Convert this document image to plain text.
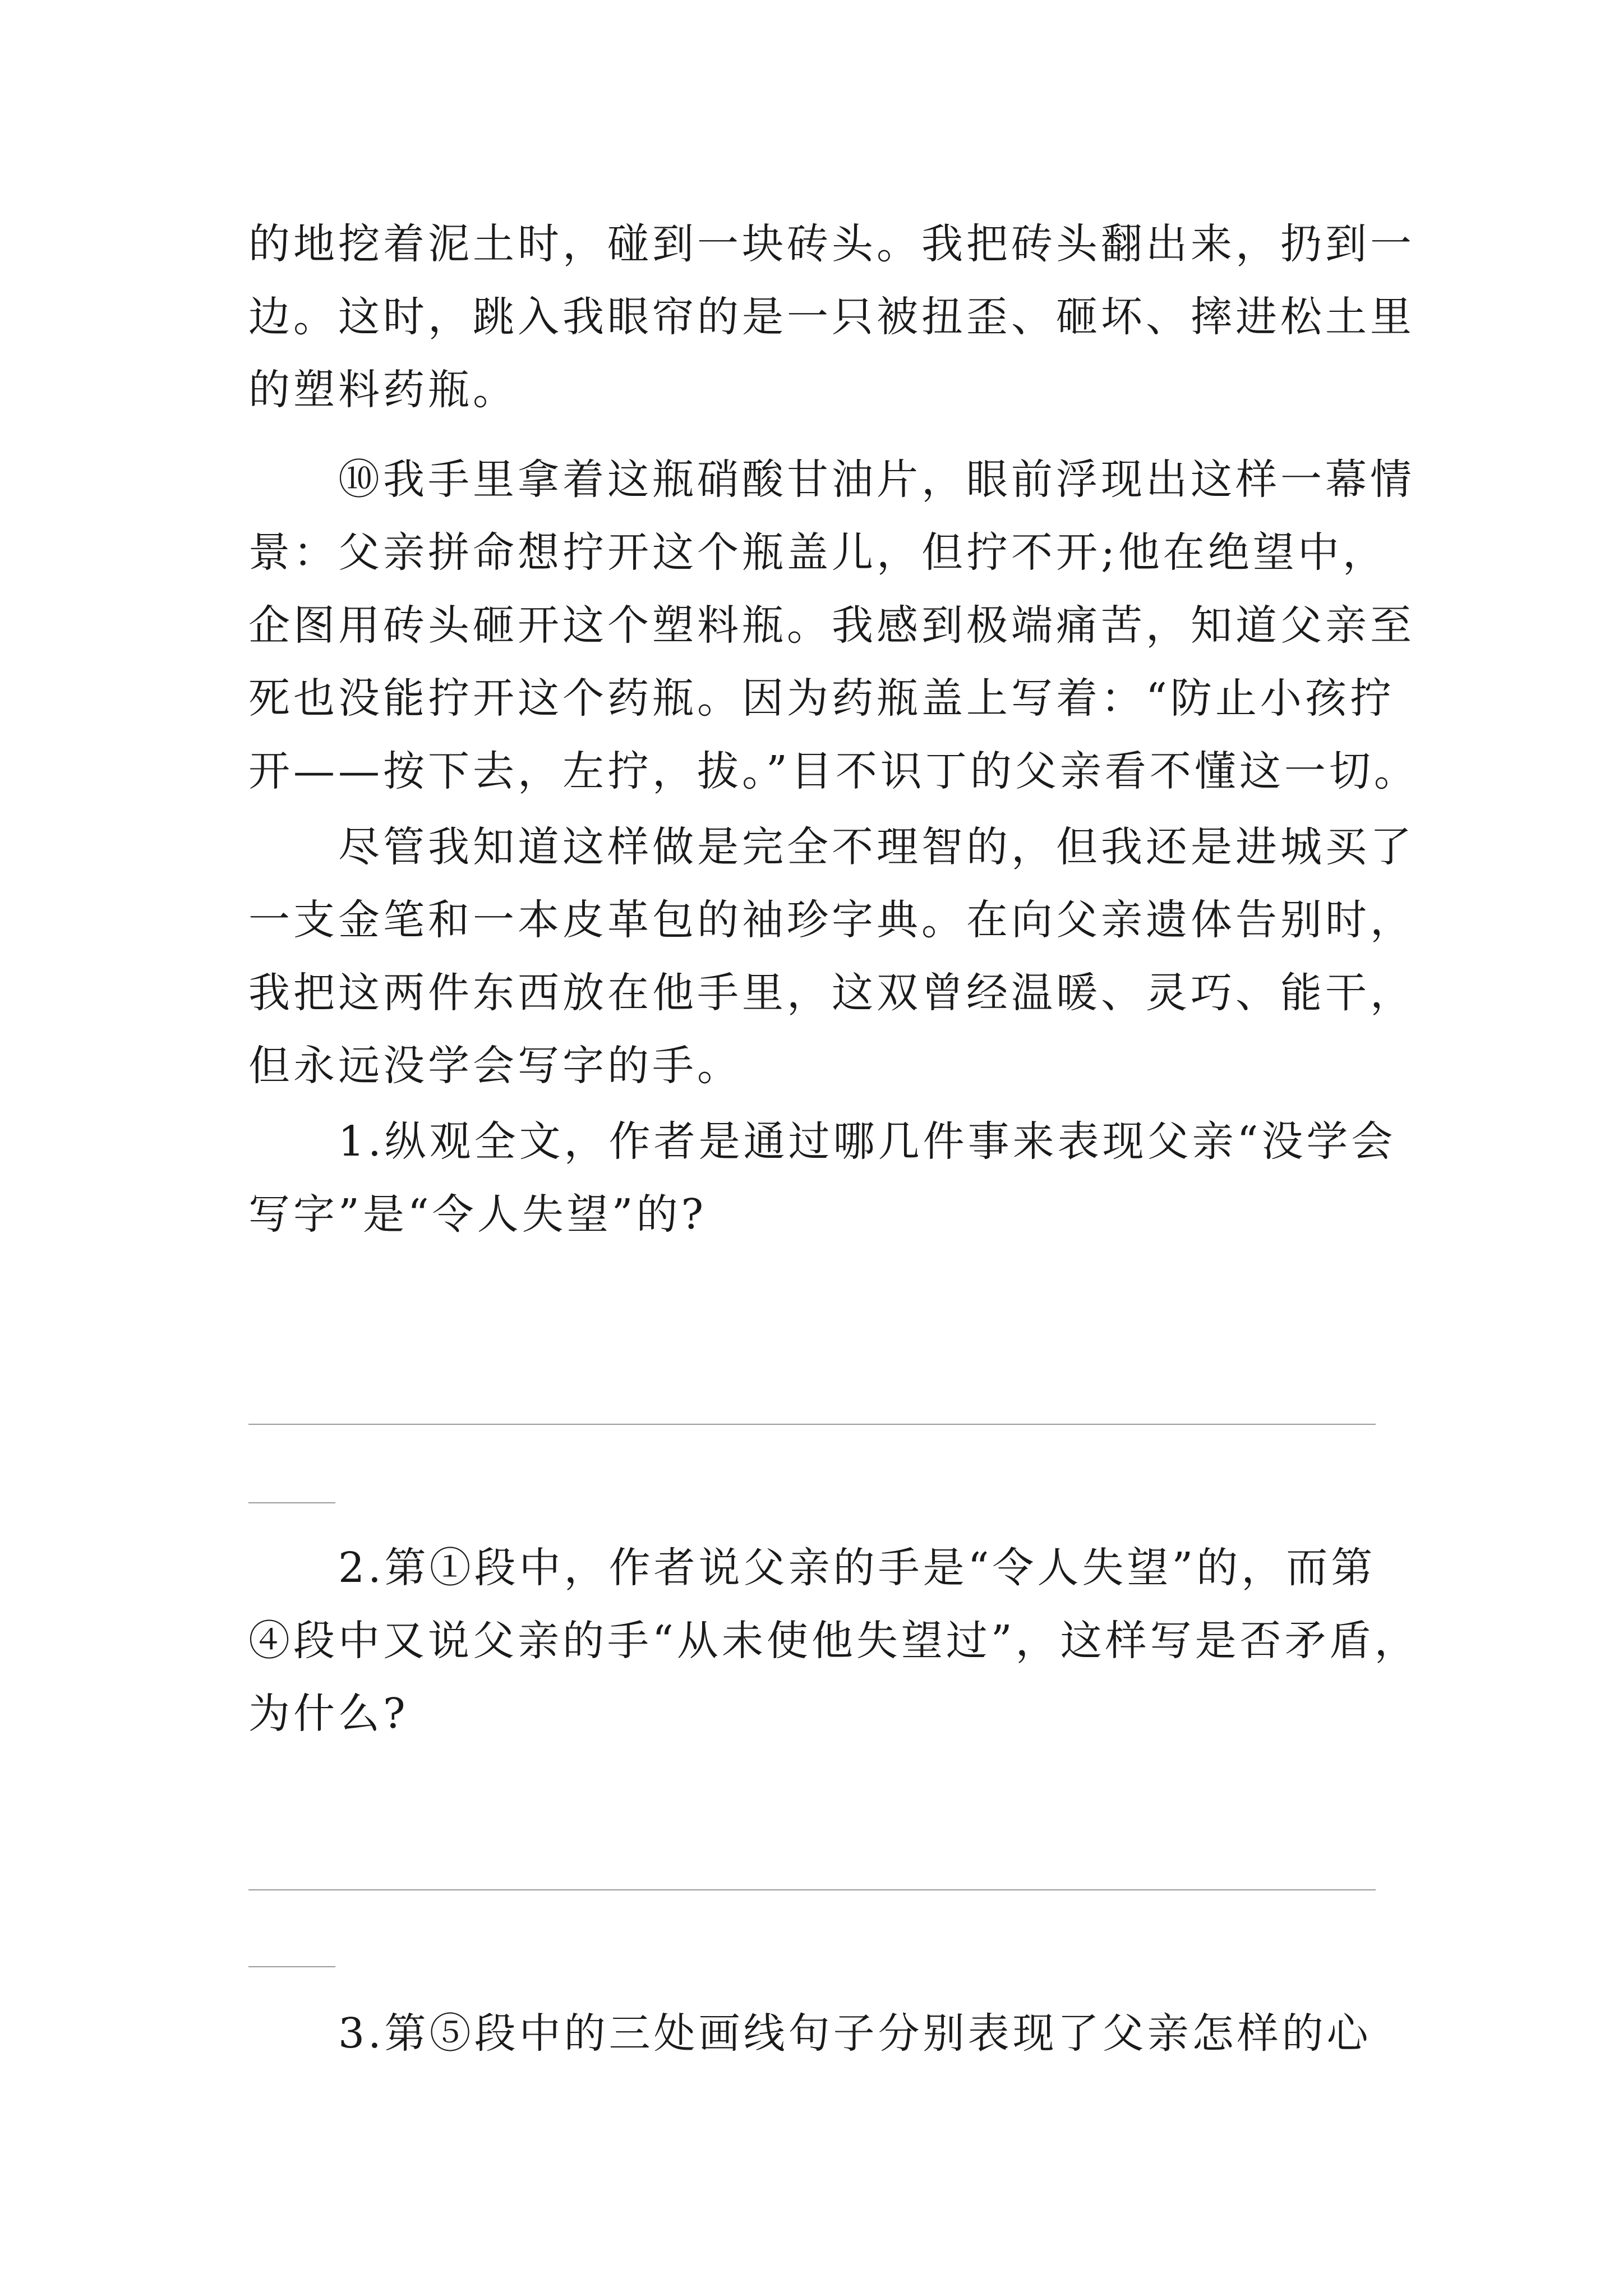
的地挖着泥土时，碰到一块砖头。我把砖头翻出来，扔到一
边。这时，跳入我眼帘的是一只被扭歪、砸坏、摔进松土里
的塑料药瓶。
　　⑩我手里拿着这瓶硝酸甘油片，眼前浮现出这样一幕情
景：父亲拼命想拧开这个瓶盖儿，但拧不开;他在绝望中，
企图用砖头砸开这个塑料瓶。我感到极端痛苦，知道父亲至
死也没能拧开这个药瓶。因为药瓶盖上写着：“防止小孩拧
开——按下去，左拧，拔。”目不识丁的父亲看不懂这一切。
　　尽管我知道这样做是完全不理智的，但我还是进城买了
一支金笔和一本皮革包的袖珍字典。在向父亲遗体告别时，
我把这两件东西放在他手里，这双曾经温暖、灵巧、能干，
但永远没学会写字的手。
　　1.纵观全文，作者是通过哪几件事来表现父亲“没学会
写字”是“令人失望”的?
　　2.第①段中，作者说父亲的手是“令人失望”的，而第
④段中又说父亲的手“从未使他失望过”，这样写是否矛盾，
为什么?
　　3.第⑤段中的三处画线句子分别表现了父亲怎样的心
